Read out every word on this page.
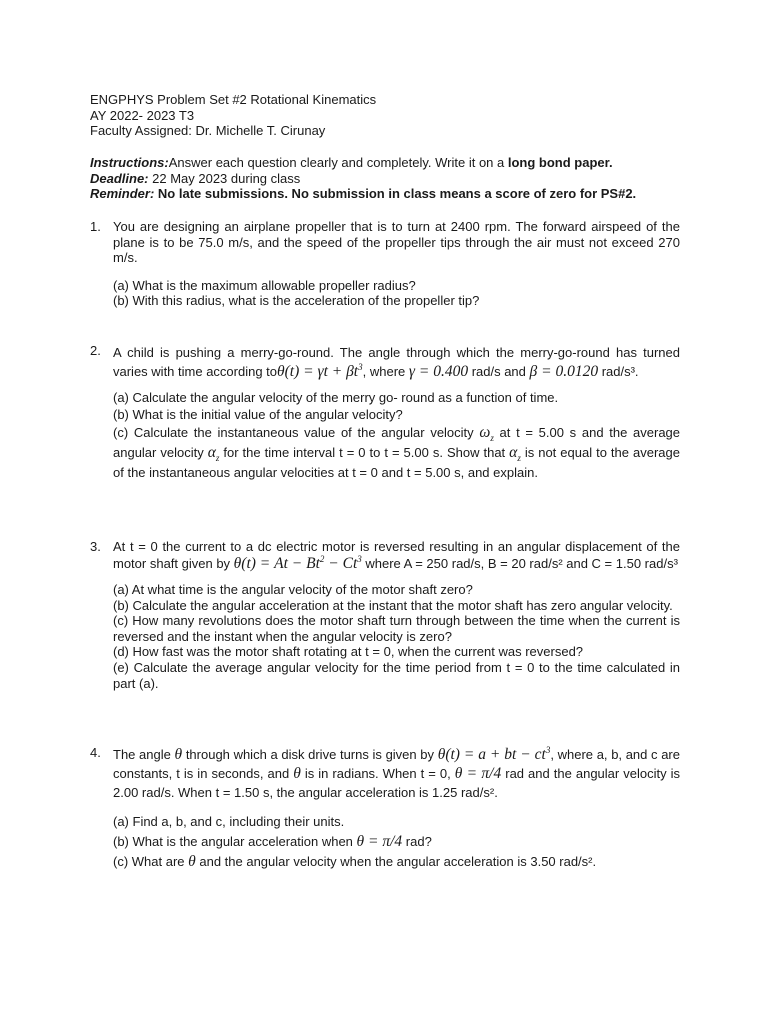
ENGPHYS Problem Set #2 Rotational Kinematics
AY 2022- 2023 T3
Faculty Assigned: Dr. Michelle T. Cirunay
Instructions:Answer each question clearly and completely. Write it on a long bond paper.
Deadline: 22 May 2023 during class
Reminder: No late submissions. No submission in class means a score of zero for PS#2.
1. You are designing an airplane propeller that is to turn at 2400 rpm. The forward airspeed of the plane is to be 75.0 m/s, and the speed of the propeller tips through the air must not exceed 270 m/s.
(a) What is the maximum allowable propeller radius?
(b) With this radius, what is the acceleration of the propeller tip?
2. A child is pushing a merry-go-round. The angle through which the merry-go-round has turned varies with time according $to\theta(t) = \gamma t + \beta t^3$, where γ = 0.400 rad/s and β = 0.0120 rad/s³.
(a) Calculate the angular velocity of the merry go- round as a function of time.
(b) What is the initial value of the angular velocity?
(c) Calculate the instantaneous value of the angular velocity $\omega_z$ at t = 5.00 s and the average angular velocity $\alpha_z$ for the time interval t = 0 to t = 5.00 s. Show that $\alpha_z$ is not equal to the average of the instantaneous angular velocities at t = 0 and t = 5.00 s, and explain.
3. At t = 0 the current to a dc electric motor is reversed resulting in an angular displacement of the motor shaft given by $\theta(t) = At - Bt^2 - Ct^3$ where A = 250 rad/s, B = 20 rad/s² and C = 1.50 rad/s³
(a) At what time is the angular velocity of the motor shaft zero?
(b) Calculate the angular acceleration at the instant that the motor shaft has zero angular velocity.
(c) How many revolutions does the motor shaft turn through between the time when the current is reversed and the instant when the angular velocity is zero?
(d) How fast was the motor shaft rotating at t = 0, when the current was reversed?
(e) Calculate the average angular velocity for the time period from t = 0 to the time calculated in part (a).
4. The angle θ through which a disk drive turns is given by θ(t) = a + bt − $ct^3$, where a, b, and c are constants, t is in seconds, and θ is in radians. When t = 0, θ = π/4 rad and the angular velocity is 2.00 rad/s. When t = 1.50 s, the angular acceleration is 1.25 rad/s².
(a) Find a, b, and c, including their units.
(b) What is the angular acceleration when θ = π/4 rad?
(c) What are θ and the angular velocity when the angular acceleration is 3.50 rad/s².
